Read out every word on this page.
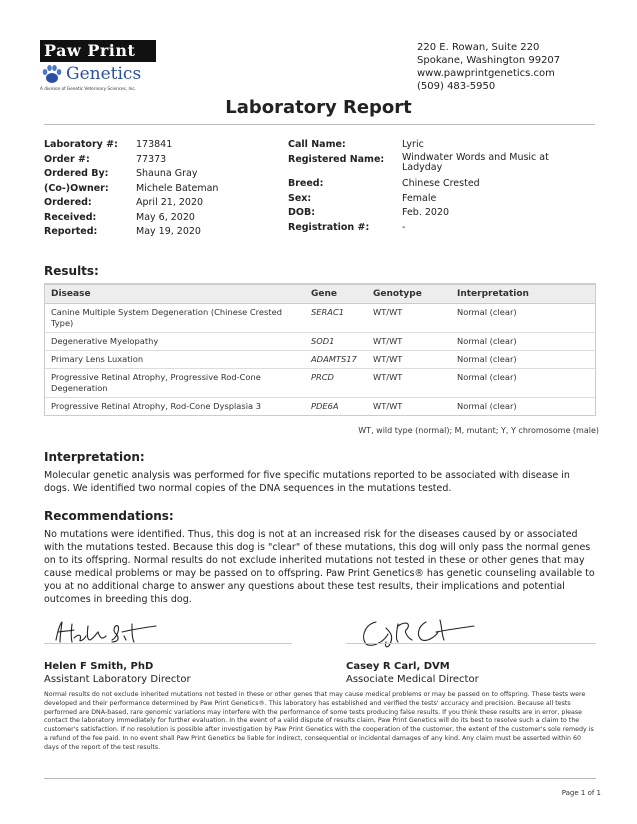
Paw Print
Genetics
A division of Genetic Veterinary Sciences, Inc.
220 E. Rowan, Suite 220
Spokane, Washington 99207
www.pawprintgenetics.com
(509) 483-5950
Laboratory Report
Laboratory #: 173841
Order #:	77373
Ordered By:	Shauna Gray
(Co-)Owner:	Michele Bateman
Ordered:	April 21, 2020
Received:	May 6, 2020
Reported:	May 19, 2020
Call Name:	Lyric
Registered Name: Windwater Words and Music at
Ladyday
Breed:	Chinese Crested
Sex:	Female
DOB:	Feb. 2020
Registration #:	-
Results:
Disease	Gene	Genotype	Interpretation
Canine Multiple System Degeneration (Chinese Crested Type)	SERAC1	WT/WT	Normal (clear)
Degenerative Myelopathy	SOD1	WT/WT	Normal (clear)
Primary Lens Luxation	ADAMTS17	WT/WT	Normal (clear)
Progressive Retinal Atrophy, Progressive Rod-Cone Degeneration	PRCD	WT/WT	Normal (clear)
Progressive Retinal Atrophy, Rod-Cone Dysplasia 3	PDE6A	WT/WT	Normal (clear)
WT, wild type (normal); M, mutant; Y, Y chromosome (male)
Interpretation:
Molecular genetic analysis was performed for five specific mutations reported to be associated with disease in dogs. We identified two normal copies of the DNA sequences in the mutations tested.
Recommendations:
No mutations were identified. Thus, this dog is not at an increased risk for the diseases caused by or associated with the mutations tested. Because this dog is "clear" of these mutations, this dog will only pass the normal genes on to its offspring. Normal results do not exclude inherited mutations not tested in these or other genes that may cause medical problems or may be passed on to offspring. Paw Print Genetics® has genetic counseling available to you at no additional charge to answer any questions about these test results, their implications and potential outcomes in breeding this dog.
Helen F Smith, PhD
Assistant Laboratory Director
Casey R Carl, DVM
Associate Medical Director
Normal results do not exclude inherited mutations not tested in these or other genes that may cause medical problems or may be passed on to offspring. These tests were developed and their performance determined by Paw Print Genetics®. This laboratory has established and verified the tests' accuracy and precision. Because all tests performed are DNA-based, rare genomic variations may interfere with the performance of some tests producing false results. If you think these results are in error, please contact the laboratory immediately for further evaluation. In the event of a valid dispute of results claim, Paw Print Genetics will do its best to resolve such a claim to the customer's satisfaction. If no resolution is possible after investigation by Paw Print Genetics with the cooperation of the customer, the extent of the customer's sole remedy is a refund of the fee paid. In no event shall Paw Print Genetics be liable for indirect, consequential or incidental damages of any kind. Any claim must be asserted within 60 days of the report of the test results.
Page 1 of 1
